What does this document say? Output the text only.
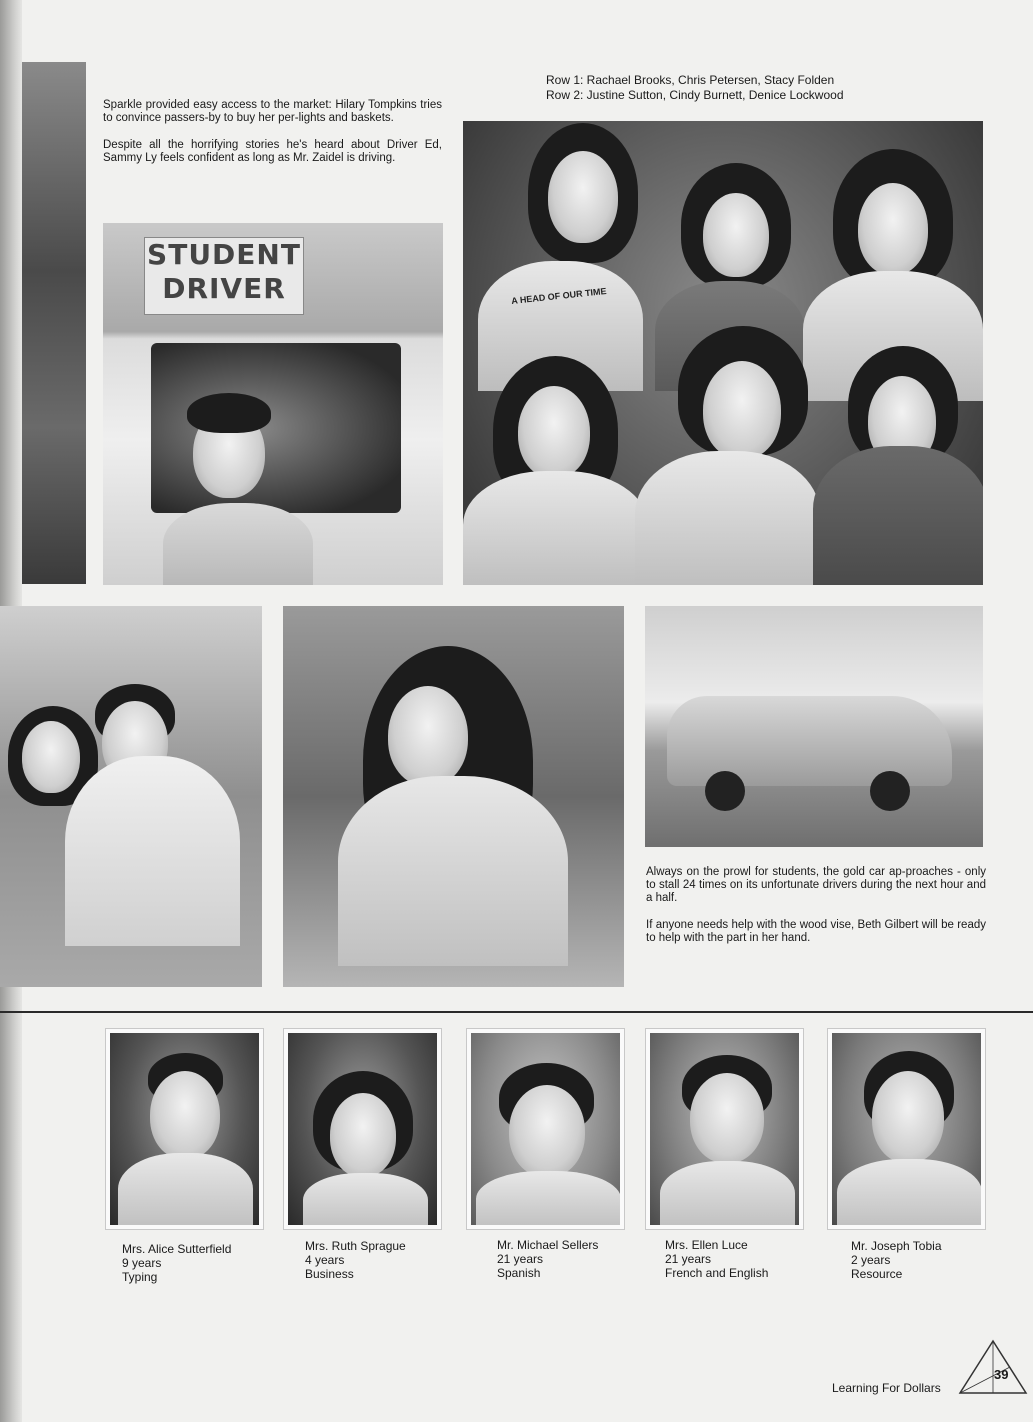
Sparkle provided easy access to the market: Hilary Tompkins tries to convince passers-by to buy her per-lights and baskets.

Despite all the horrifying stories he's heard about Driver Ed, Sammy Ly feels confident as long as Mr. Zaidel is driving.

STUDENT
DRIVER
Row 1: Rachael Brooks, Chris Petersen, Stacy Folden
Row 2: Justine Sutton, Cindy Burnett, Denice Lockwood
A HEAD OF OUR TIME

Always on the prowl for students, the gold car ap-proaches - only to stall 24 times on its unfortunate drivers during the next hour and a half.

If anyone needs help with the wood vise, Beth Gilbert will be ready to help with the part in her hand.

Mrs. Alice Sutterfield
9 years
Typing
Mrs. Ruth Sprague
4 years
Business
Mr. Michael Sellers
21 years
Spanish
Mrs. Ellen Luce
21 years
French and English
Mr. Joseph Tobia
2 years
Resource
Learning For Dollars
39
